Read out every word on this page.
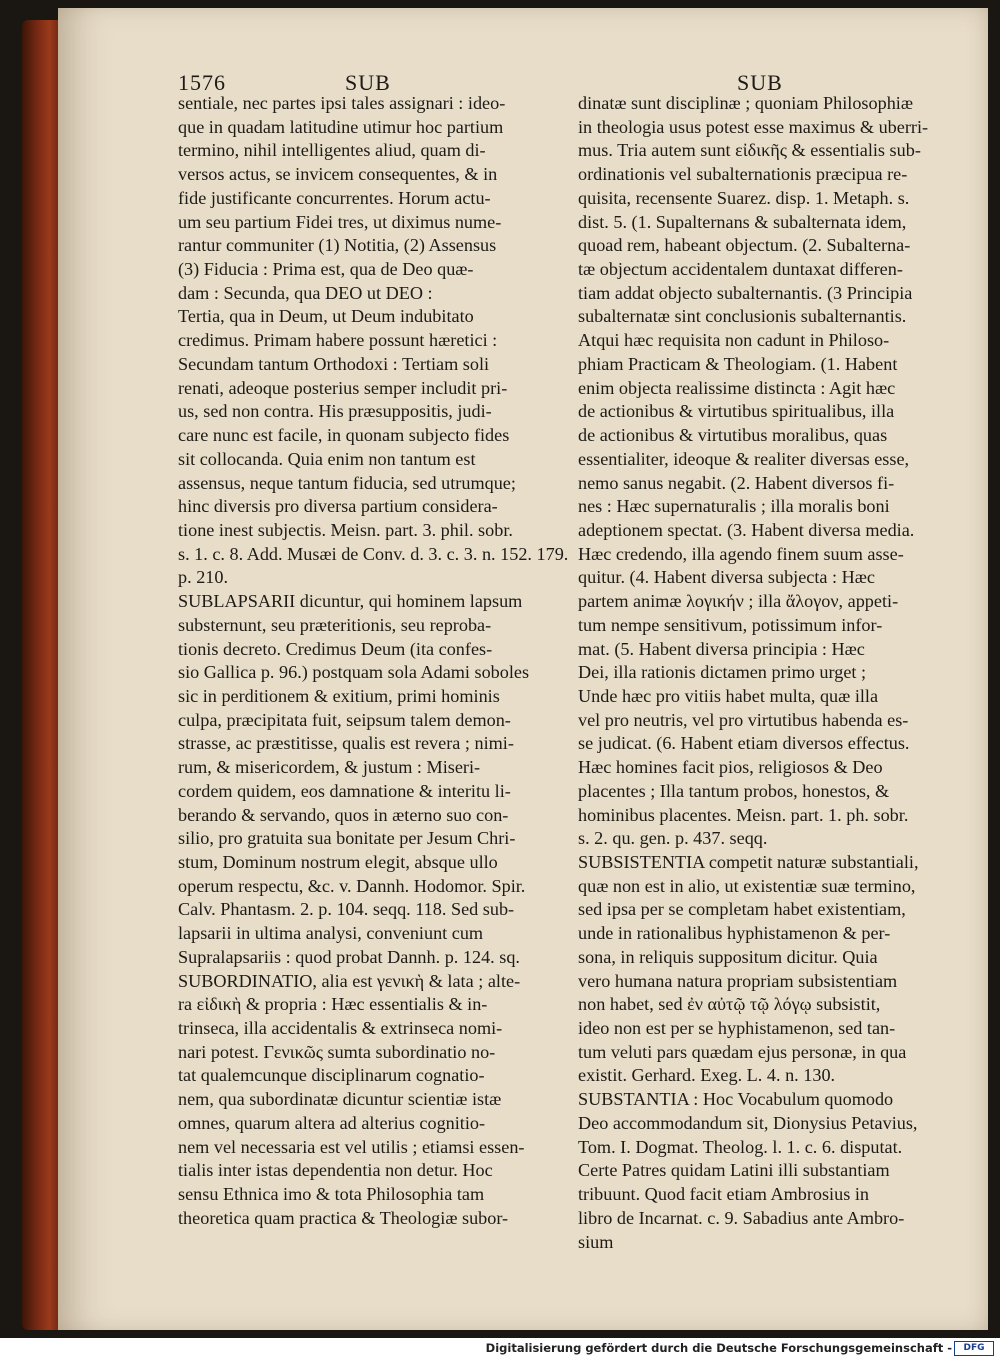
1576	SUB	SUB
sentiale, nec partes ipsi tales assignari : ideo-
que in quadam latitudine utimur hoc partium
termino, nihil intelligentes aliud, quam di-
versos actus, se invicem consequentes, & in
fide justificante concurrentes. Horum actu-
um seu partium Fidei tres, ut diximus nume-
rantur communiter (1) Notitia, (2) Assensus
(3) Fiducia : Prima est, qua de Deo quæ-
dam : Secunda, qua DEO ut DEO :
Tertia, qua in Deum, ut Deum indubitato
credimus. Primam habere possunt hæretici :
Secundam tantum Orthodoxi : Tertiam soli
renati, adeoque posterius semper includit pri-
us, sed non contra. His præsuppositis, judi-
care nunc est facile, in quonam subjecto fides
sit collocanda. Quia enim non tantum est
assensus, neque tantum fiducia, sed utrumque;
hinc diversis pro diversa partium considera-
tione inest subjectis. Meisn. part. 3. phil. sobr.
s. 1. c. 8. Add. Musæi de Conv. d. 3. c. 3. n. 152. 179.
p. 210.
SUBLAPSARII dicuntur, qui hominem lapsum
substernunt, seu præteritionis, seu reproba-
tionis decreto. Credimus Deum (ita confes-
sio Gallica p. 96.) postquam sola Adami soboles
sic in perditionem & exitium, primi hominis
culpa, præcipitata fuit, seipsum talem demon-
strasse, ac præstitisse, qualis est revera ; nimi-
rum, & misericordem, & justum : Miseri-
cordem quidem, eos damnatione & interitu li-
berando & servando, quos in æterno suo con-
silio, pro gratuita sua bonitate per Jesum Chri-
stum, Dominum nostrum elegit, absque ullo
operum respectu, &c. v. Dannh. Hodomor. Spir.
Calv. Phantasm. 2. p. 104. seqq. 118. Sed sub-
lapsarii in ultima analysi, conveniunt cum
Supralapsariis : quod probat Dannh. p. 124. sq.
SUBORDINATIO, alia est γενικὴ & lata ; alte-
ra εἰδικὴ & propria : Hæc essentialis & in-
trinseca, illa accidentalis & extrinseca nomi-
nari potest. Γενικῶς sumta subordinatio no-
tat qualemcunque disciplinarum cognatio-
nem, qua subordinatæ dicuntur scientiæ istæ
omnes, quarum altera ad alterius cognitio-
nem vel necessaria est vel utilis ; etiamsi essen-
tialis inter istas dependentia non detur. Hoc
sensu Ethnica imo & tota Philosophia tam
theoretica quam practica & Theologiæ subor-
dinatæ sunt disciplinæ ; quoniam Philosophiæ
in theologia usus potest esse maximus & uberri-
mus. Tria autem sunt εἰδικῆς & essentialis sub-
ordinationis vel subalternationis præcipua re-
quisita, recensente Suarez. disp. 1. Metaph. s.
dist. 5. (1. Supalternans & subalternata idem,
quoad rem, habeant objectum. (2. Subalterna-
tæ objectum accidentalem duntaxat differen-
tiam addat objecto subalternantis. (3 Principia
subalternatæ sint conclusionis subalternantis.
Atqui hæc requisita non cadunt in Philoso-
phiam Practicam & Theologiam. (1. Habent
enim objecta realissime distincta : Agit hæc
de actionibus & virtutibus spiritualibus, illa
de actionibus & virtutibus moralibus, quas
essentialiter, ideoque & realiter diversas esse,
nemo sanus negabit. (2. Habent diversos fi-
nes : Hæc supernaturalis ; illa moralis boni
adeptionem spectat. (3. Habent diversa media.
Hæc credendo, illa agendo finem suum asse-
quitur. (4. Habent diversa subjecta : Hæc
partem animæ λογικήν ; illa ἄλογον, appeti-
tum nempe sensitivum, potissimum infor-
mat. (5. Habent diversa principia : Hæc
Dei, illa rationis dictamen primo urget ;
Unde hæc pro vitiis habet multa, quæ illa
vel pro neutris, vel pro virtutibus habenda es-
se judicat. (6. Habent etiam diversos effectus.
Hæc homines facit pios, religiosos & Deo
placentes ; Illa tantum probos, honestos, &
hominibus placentes. Meisn. part. 1. ph. sobr.
s. 2. qu. gen. p. 437. seqq.
SUBSISTENTIA competit naturæ substantiali,
quæ non est in alio, ut existentiæ suæ termino,
sed ipsa per se completam habet existentiam,
unde in rationalibus hyphistamenon & per-
sona, in reliquis suppositum dicitur. Quia
vero humana natura propriam subsistentiam
non habet, sed ἐν αὐτῷ τῷ λόγῳ subsistit,
ideo non est per se hyphistamenon, sed tan-
tum veluti pars quædam ejus personæ, in qua
existit. Gerhard. Exeg. L. 4. n. 130.
SUBSTANTIA : Hoc Vocabulum quomodo
Deo accommodandum sit, Dionysius Petavius,
Tom. I. Dogmat. Theolog. l. 1. c. 6. disputat.
Certe Patres quidam Latini illi substantiam
tribuunt. Quod facit etiam Ambrosius in
libro de Incarnat. c. 9. Sabadius ante Ambro-
sium
Digitalisierung gefördert durch die Deutsche Forschungsgemeinschaft -	DFG
